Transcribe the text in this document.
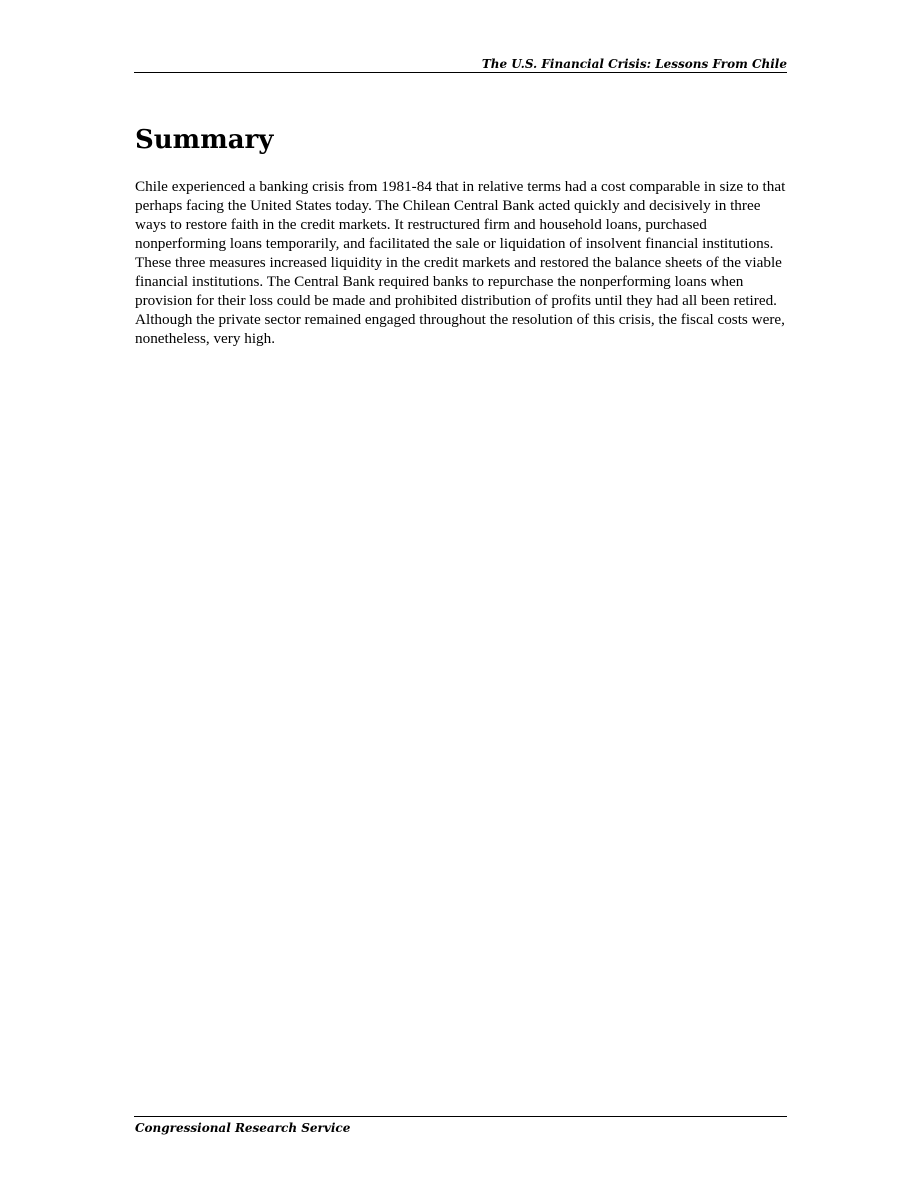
The U.S. Financial Crisis: Lessons From Chile
Summary

Chile experienced a banking crisis from 1981-84 that in relative terms had a cost comparable in size to that perhaps facing the United States today. The Chilean Central Bank acted quickly and decisively in three ways to restore faith in the credit markets. It restructured firm and household loans, purchased nonperforming loans temporarily, and facilitated the sale or liquidation of insolvent financial institutions. These three measures increased liquidity in the credit markets and restored the balance sheets of the viable financial institutions. The Central Bank required banks to repurchase the nonperforming loans when provision for their loss could be made and prohibited distribution of profits until they had all been retired. Although the private sector remained engaged throughout the resolution of this crisis, the fiscal costs were, nonetheless, very high.

Congressional Research Service
